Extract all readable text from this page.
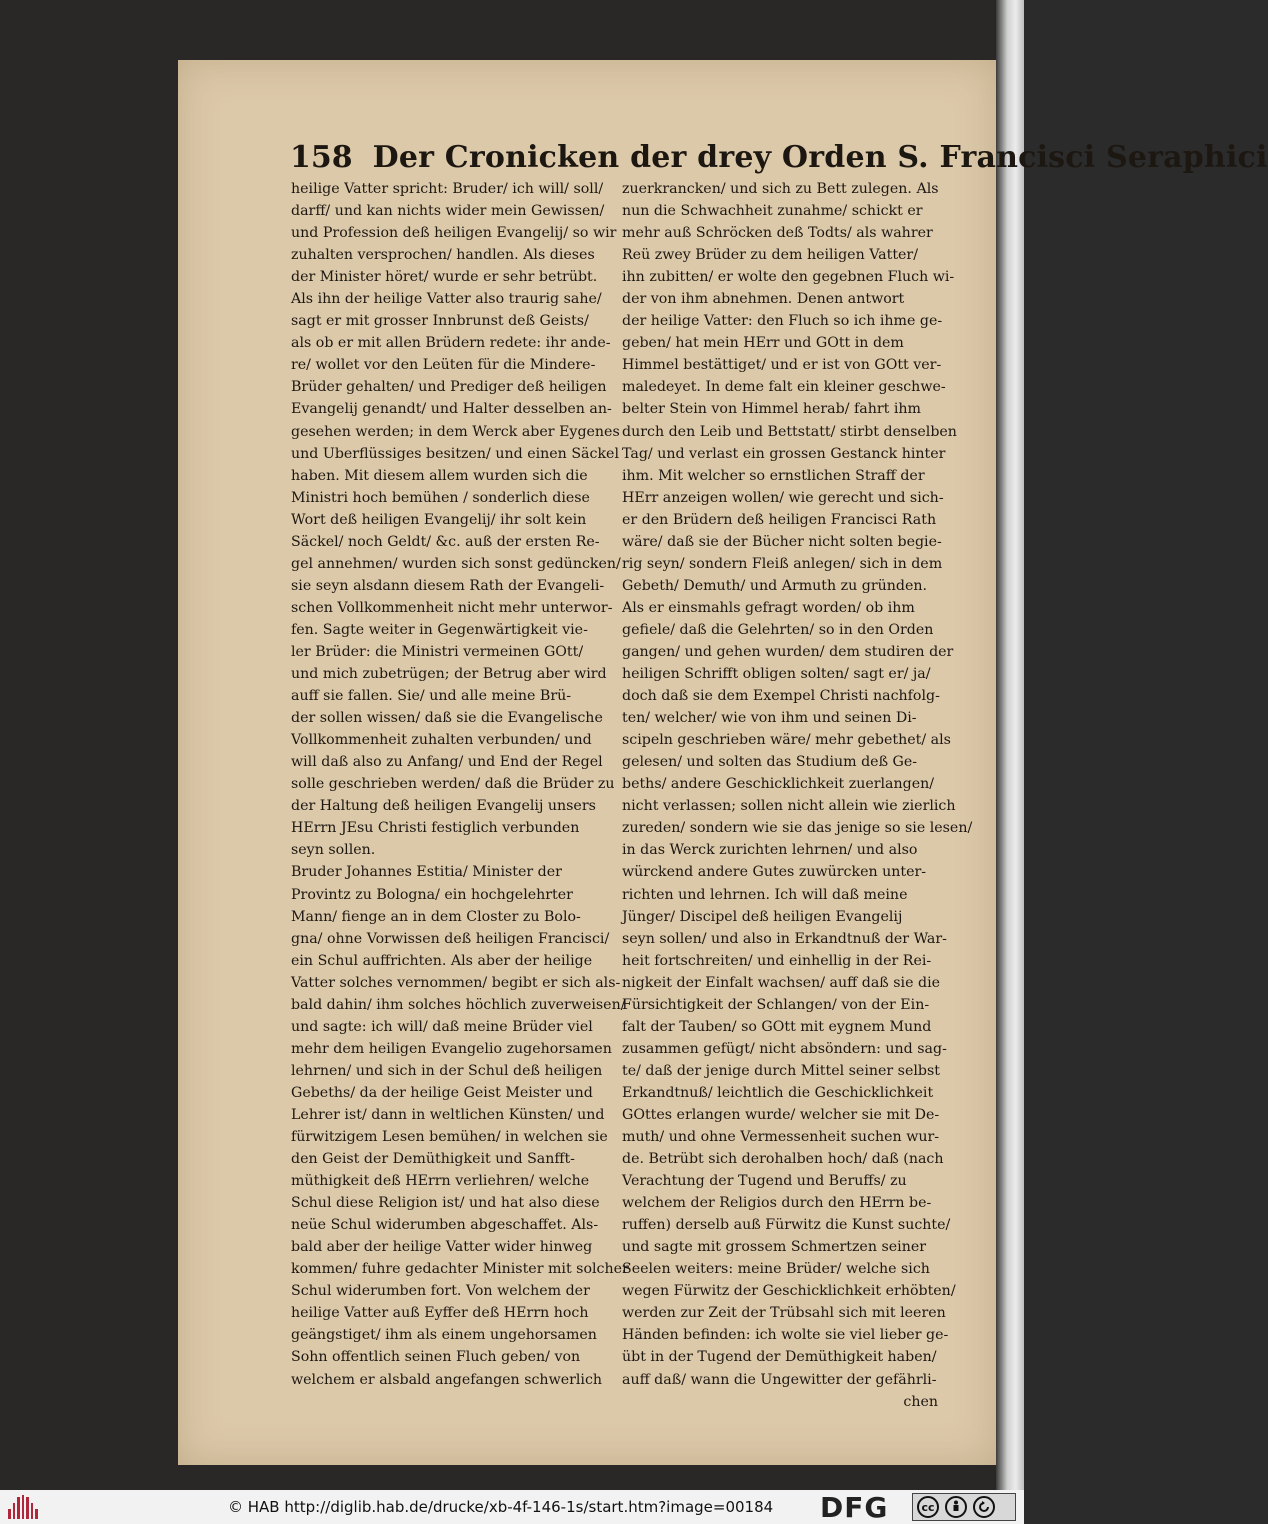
158 Der Cronicken der drey Orden S. Francisci Seraphici
heilige Vatter spricht: Bruder/ ich will/ soll/
darff/ und kan nichts wider mein Gewissen/
und Profession deß heiligen Evangelij/ so wir
zuhalten versprochen/ handlen. Als dieses
der Minister höret/ wurde er sehr betrübt.
Als ihn der heilige Vatter also traurig sahe/
sagt er mit grosser Innbrunst deß Geists/
als ob er mit allen Brüdern redete: ihr ande-
re/ wollet vor den Leüten für die Mindere-
Brüder gehalten/ und Prediger deß heiligen
Evangelij genandt/ und Halter desselben an-
gesehen werden; in dem Werck aber Eygenes
und Uberflüssiges besitzen/ und einen Säckel
haben. Mit diesem allem wurden sich die
Ministri hoch bemühen / sonderlich diese
Wort deß heiligen Evangelij/ ihr solt kein
Säckel/ noch Geldt/ &c. auß der ersten Re-
gel annehmen/ wurden sich sonst gedüncken/
sie seyn alsdann diesem Rath der Evangeli-
schen Vollkommenheit nicht mehr unterwor-
fen. Sagte weiter in Gegenwärtigkeit vie-
ler Brüder: die Ministri vermeinen GOtt/
und mich zubetrügen; der Betrug aber wird
auff sie fallen. Sie/ und alle meine Brü-
der sollen wissen/ daß sie die Evangelische
Vollkommenheit zuhalten verbunden/ und
will daß also zu Anfang/ und End der Regel
solle geschrieben werden/ daß die Brüder zu
der Haltung deß heiligen Evangelij unsers
HErrn JEsu Christi festiglich verbunden
seyn sollen.
Bruder Johannes Estitia/ Minister der
Provintz zu Bologna/ ein hochgelehrter
Mann/ fienge an in dem Closter zu Bolo-
gna/ ohne Vorwissen deß heiligen Francisci/
ein Schul auffrichten. Als aber der heilige
Vatter solches vernommen/ begibt er sich als-
bald dahin/ ihm solches höchlich zuverweisen/
und sagte: ich will/ daß meine Brüder viel
mehr dem heiligen Evangelio zugehorsamen
lehrnen/ und sich in der Schul deß heiligen
Gebeths/ da der heilige Geist Meister und
Lehrer ist/ dann in weltlichen Künsten/ und
fürwitzigem Lesen bemühen/ in welchen sie
den Geist der Demüthigkeit und Sanfft-
müthigkeit deß HErrn verliehren/ welche
Schul diese Religion ist/ und hat also diese
neüe Schul widerumben abgeschaffet. Als-
bald aber der heilige Vatter wider hinweg
kommen/ fuhre gedachter Minister mit solcher
Schul widerumben fort. Von welchem der
heilige Vatter auß Eyffer deß HErrn hoch
geängstiget/ ihm als einem ungehorsamen
Sohn offentlich seinen Fluch geben/ von
welchem er alsbald angefangen schwerlich
zuerkrancken/ und sich zu Bett zulegen. Als
nun die Schwachheit zunahme/ schickt er
mehr auß Schröcken deß Todts/ als wahrer
Reü zwey Brüder zu dem heiligen Vatter/
ihn zubitten/ er wolte den gegebnen Fluch wi-
der von ihm abnehmen. Denen antwort
der heilige Vatter: den Fluch so ich ihme ge-
geben/ hat mein HErr und GOtt in dem
Himmel bestättiget/ und er ist von GOtt ver-
maledeyet. In deme falt ein kleiner geschwe-
belter Stein von Himmel herab/ fahrt ihm
durch den Leib und Bettstatt/ stirbt denselben
Tag/ und verlast ein grossen Gestanck hinter
ihm. Mit welcher so ernstlichen Straff der
HErr anzeigen wollen/ wie gerecht und sich-
er den Brüdern deß heiligen Francisci Rath
wäre/ daß sie der Bücher nicht solten begie-
rig seyn/ sondern Fleiß anlegen/ sich in dem
Gebeth/ Demuth/ und Armuth zu gründen.
Als er einsmahls gefragt worden/ ob ihm
gefiele/ daß die Gelehrten/ so in den Orden
gangen/ und gehen wurden/ dem studiren der
heiligen Schrifft obligen solten/ sagt er/ ja/
doch daß sie dem Exempel Christi nachfolg-
ten/ welcher/ wie von ihm und seinen Di-
scipeln geschrieben wäre/ mehr gebethet/ als
gelesen/ und solten das Studium deß Ge-
beths/ andere Geschicklichkeit zuerlangen/
nicht verlassen; sollen nicht allein wie zierlich
zureden/ sondern wie sie das jenige so sie lesen/
in das Werck zurichten lehrnen/ und also
würckend andere Gutes zuwürcken unter-
richten und lehrnen. Ich will daß meine
Jünger/ Discipel deß heiligen Evangelij
seyn sollen/ und also in Erkandtnuß der War-
heit fortschreiten/ und einhellig in der Rei-
nigkeit der Einfalt wachsen/ auff daß sie die
Fürsichtigkeit der Schlangen/ von der Ein-
falt der Tauben/ so GOtt mit eygnem Mund
zusammen gefügt/ nicht absöndern: und sag-
te/ daß der jenige durch Mittel seiner selbst
Erkandtnuß/ leichtlich die Geschicklichkeit
GOttes erlangen wurde/ welcher sie mit De-
muth/ und ohne Vermessenheit suchen wur-
de. Betrübt sich derohalben hoch/ daß (nach
Verachtung der Tugend und Beruffs/ zu
welchem der Religios durch den HErrn be-
ruffen) derselb auß Fürwitz die Kunst suchte/
und sagte mit grossem Schmertzen seiner
Seelen weiters: meine Brüder/ welche sich
wegen Fürwitz der Geschicklichkeit erhöbten/
werden zur Zeit der Trübsahl sich mit leeren
Händen befinden: ich wolte sie viel lieber ge-
übt in der Tugend der Demüthigkeit haben/
auff daß/ wann die Ungewitter der gefährli-
chen
© HAB http://diglib.hab.de/drucke/xb-4f-146-1s/start.htm?image=00184 DFG	cc
